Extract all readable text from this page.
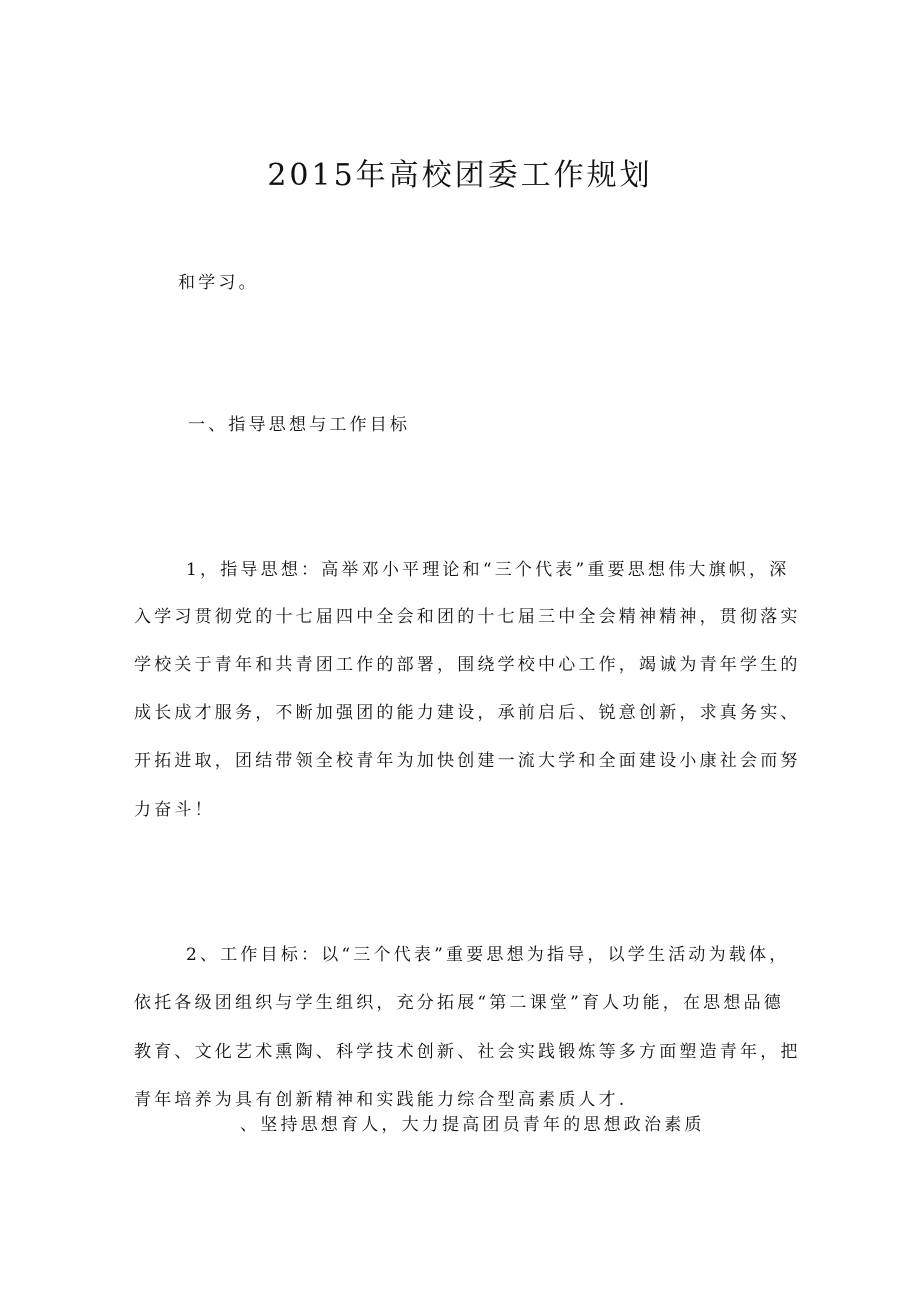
2015年高校团委工作规划

和学习。

一、指导思想与工作目标

1，指导思想：高举邓小平理论和“三个代表”重要思想伟大旗帜，深

入学习贯彻党的十七届四中全会和团的十七届三中全会精神精神，贯彻落实

学校关于青年和共青团工作的部署，围绕学校中心工作，竭诚为青年学生的

成长成才服务，不断加强团的能力建设，承前启后、锐意创新，求真务实、

开拓进取，团结带领全校青年为加快创建一流大学和全面建设小康社会而努

力奋斗！

2、工作目标：以“三个代表”重要思想为指导，以学生活动为载体，

依托各级团组织与学生组织，充分拓展“第二课堂”育人功能，在思想品德

教育、文化艺术熏陶、科学技术创新、社会实践锻炼等多方面塑造青年，把

青年培养为具有创新精神和实践能力综合型高素质人才.

、坚持思想育人，大力提高团员青年的思想政治素质
